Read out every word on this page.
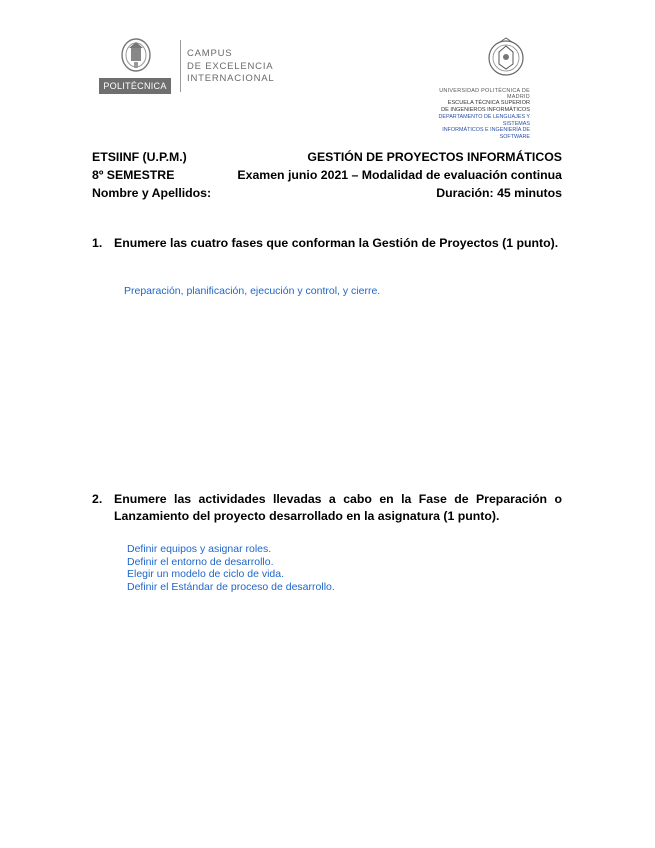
POLITÉCNICA
CAMPUS
DE EXCELENCIA
INTERNACIONAL
UNIVERSIDAD POLITÉCNICA DE MADRID
ESCUELA TÉCNICA SUPERIOR
DE INGENIEROS INFORMÁTICOS
DEPARTAMENTO DE LENGUAJES Y SISTEMAS
INFORMÁTICOS E INGENIERÍA DE SOFTWARE
ETSIINF (U.P.M.)	GESTIÓN DE PROYECTOS INFORMÁTICOS
8º SEMESTRE	Examen junio 2021 – Modalidad de evaluación continua
Nombre y Apellidos:	Duración: 45 minutos
1. Enumere las cuatro fases que conforman la Gestión de Proyectos (1 punto).
Preparación, planificación, ejecución y control, y cierre.
2. Enumere las actividades llevadas a cabo en la Fase de Preparación o Lanzamiento del proyecto desarrollado en la asignatura (1 punto).
Definir equipos y asignar roles.
Definir el entorno de desarrollo.
Elegir un modelo de ciclo de vida.
Definir el Estándar de proceso de desarrollo.
